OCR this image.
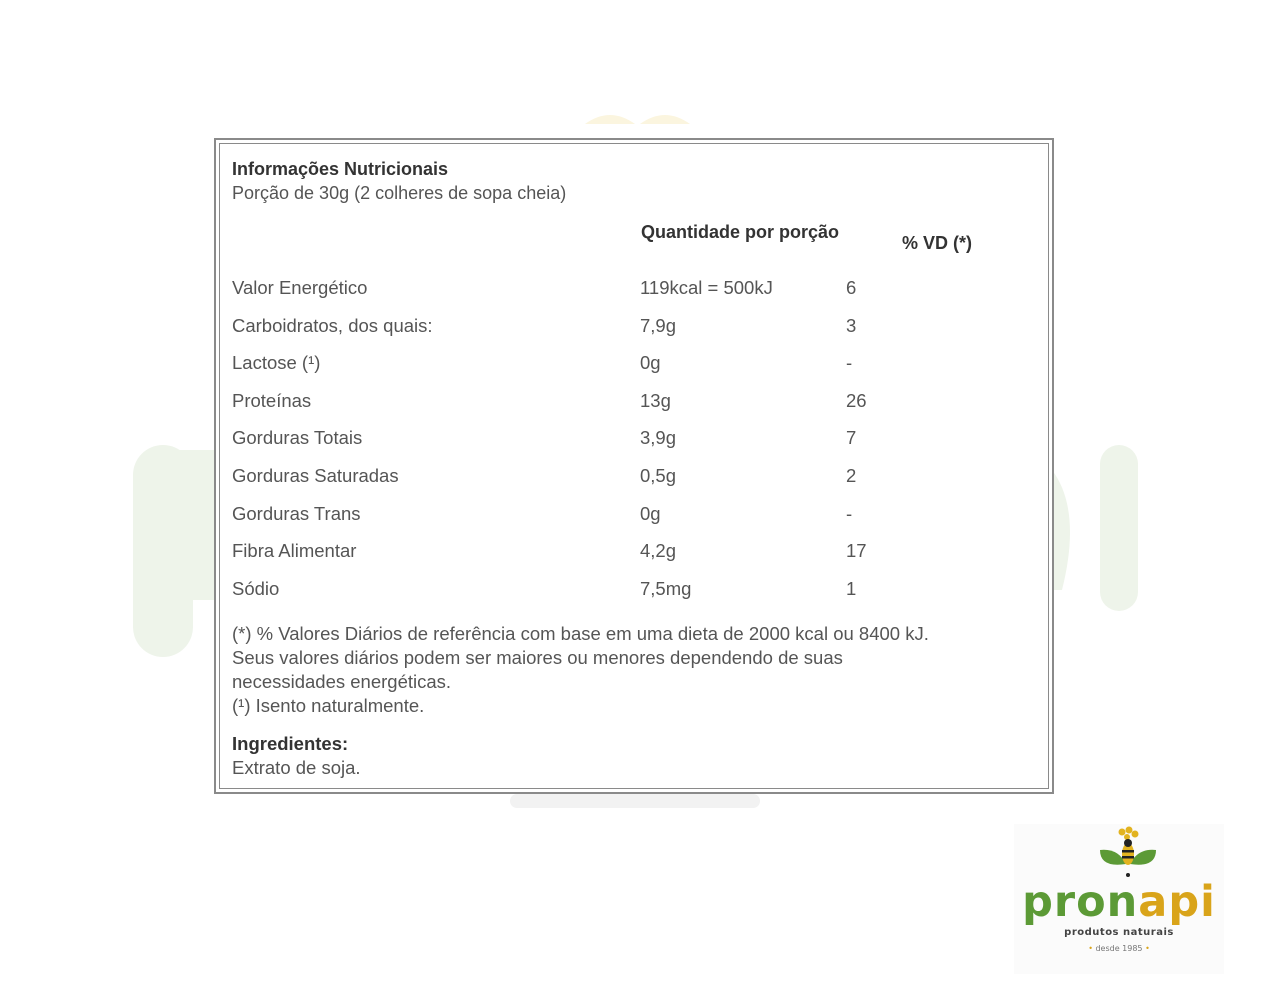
Informações Nutricionais
Porção de 30g (2 colheres de sopa cheia)
Quantidade por porção
% VD (*)
Valor Energético	119kcal = 500kJ	6
Carboidratos, dos quais:	7,9g	3
Lactose (¹)	0g	-
Proteínas	13g	26
Gorduras Totais	3,9g	7
Gorduras Saturadas	0,5g	2
Gorduras Trans	0g	-
Fibra Alimentar	4,2g	17
Sódio	7,5mg	1
(*) % Valores Diários de referência com base em uma dieta de 2000 kcal ou 8400 kJ.
Seus valores diários podem ser maiores ou menores dependendo de suas
necessidades energéticas.
(¹) Isento naturalmente.
Ingredientes:
Extrato de soja.
pronapi
produtos naturais
• desde 1985 •
